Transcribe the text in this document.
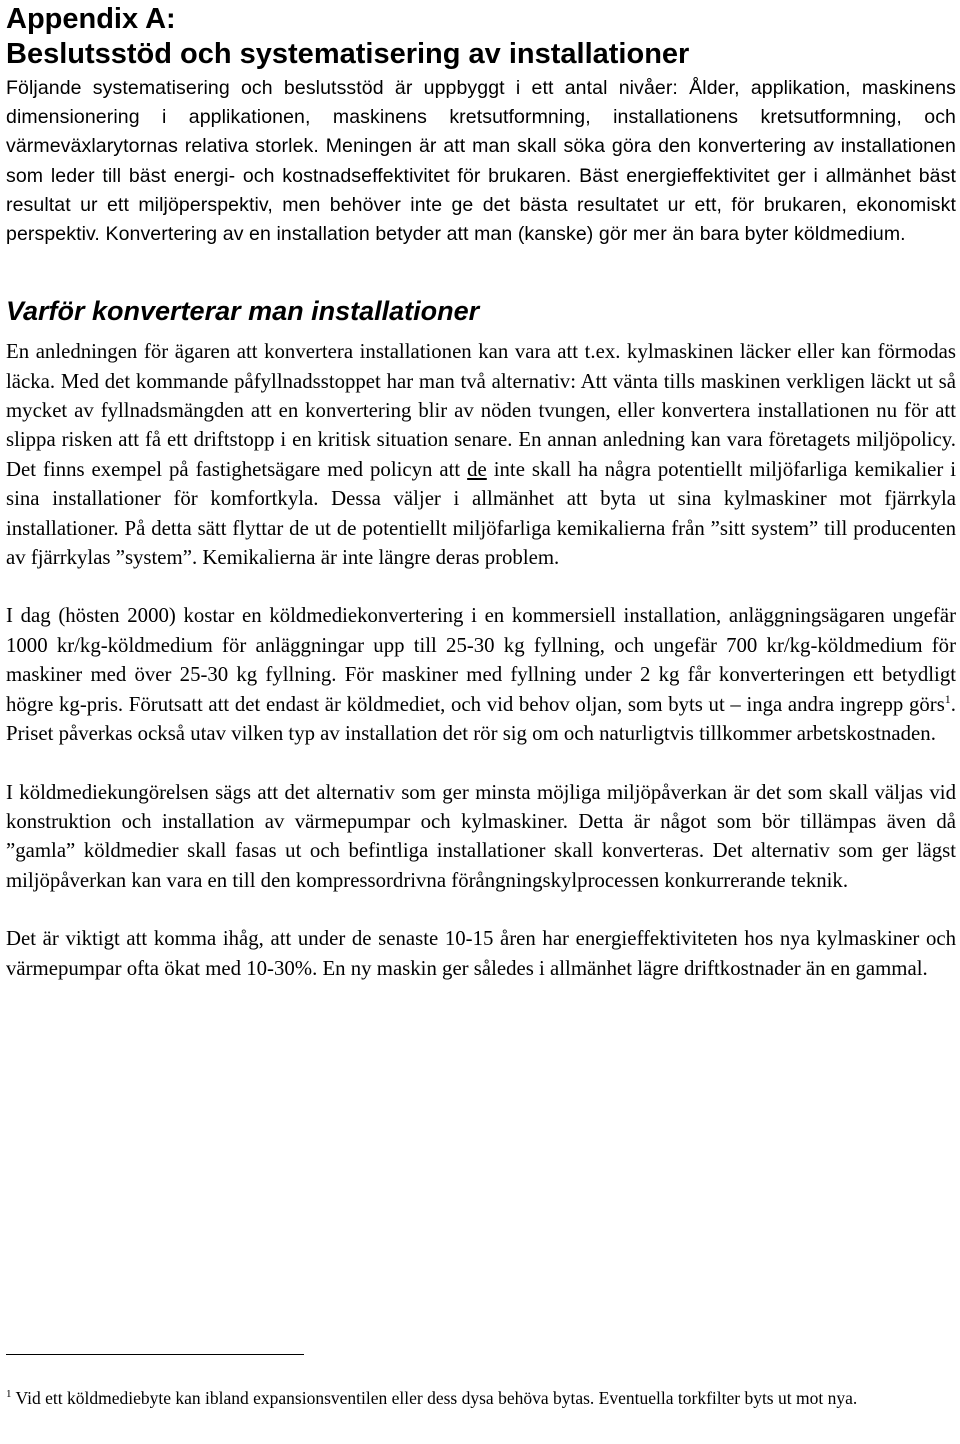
Appendix A:
Beslutsstöd och systematisering av installationer

Följande systematisering och beslutsstöd är uppbyggt i ett antal nivåer: Ålder, applikation, maskinens dimensionering i applikationen, maskinens kretsutformning, installationens kretsutformning, och värmeväxlarytornas relativa storlek. Meningen är att man skall söka göra den konvertering av installationen som leder till bäst energi- och kostnadseffektivitet för brukaren. Bäst energieffektivitet ger i allmänhet bäst resultat ur ett miljöperspektiv, men behöver inte ge det bästa resultatet ur ett, för brukaren, ekonomiskt perspektiv. Konvertering av en installation betyder att man (kanske) gör mer än bara byter köldmedium.

Varför konverterar man installationer

En anledningen för ägaren att konvertera installationen kan vara att t.ex. kylmaskinen läcker eller kan förmodas läcka. Med det kommande påfyllnadsstoppet har man två alternativ: Att vänta tills maskinen verkligen läckt ut så mycket av fyllnadsmängden att en konvertering blir av nöden tvungen, eller konvertera installationen nu för att slippa risken att få ett driftstopp i en kritisk situation senare. En annan anledning kan vara företagets miljöpolicy. Det finns exempel på fastighetsägare med policyn att de inte skall ha några potentiellt miljöfarliga kemikalier i sina installationer för komfortkyla. Dessa väljer i allmänhet att byta ut sina kylmaskiner mot fjärrkyla installationer. På detta sätt flyttar de ut de potentiellt miljöfarliga kemikalierna från ”sitt system” till producenten av fjärrkylas ”system”. Kemikalierna är inte längre deras problem.

I dag (hösten 2000) kostar en köldmediekonvertering i en kommersiell installation, anläggningsägaren ungefär 1000 kr/kg-köldmedium för anläggningar upp till 25-30 kg fyllning, och ungefär 700 kr/kg-köldmedium för maskiner med över 25-30 kg fyllning. För maskiner med fyllning under 2 kg får konverteringen ett betydligt högre kg-pris. Förutsatt att det endast är köldmediet, och vid behov oljan, som byts ut – inga andra ingrepp görs$^1$. Priset påverkas också utav vilken typ av installation det rör sig om och naturligtvis tillkommer arbetskostnaden.

I köldmediekungörelsen sägs att det alternativ som ger minsta möjliga miljöpåverkan är det som skall väljas vid konstruktion och installation av värmepumpar och kylmaskiner. Detta är något som bör tillämpas även då ”gamla” köldmedier skall fasas ut och befintliga installationer skall konverteras. Det alternativ som ger lägst miljöpåverkan kan vara en till den kompressordrivna förångningskylprocessen konkurrerande teknik.

Det är viktigt att komma ihåg, att under de senaste 10-15 åren har energieffektiviteten hos nya kylmaskiner och värmepumpar ofta ökat med 10-30%. En ny maskin ger således i allmänhet lägre driftkostnader än en gammal.

$^1$ Vid ett köldmediebyte kan ibland expansionsventilen eller dess dysa behöva bytas. Eventuella torkfilter byts ut mot nya.
